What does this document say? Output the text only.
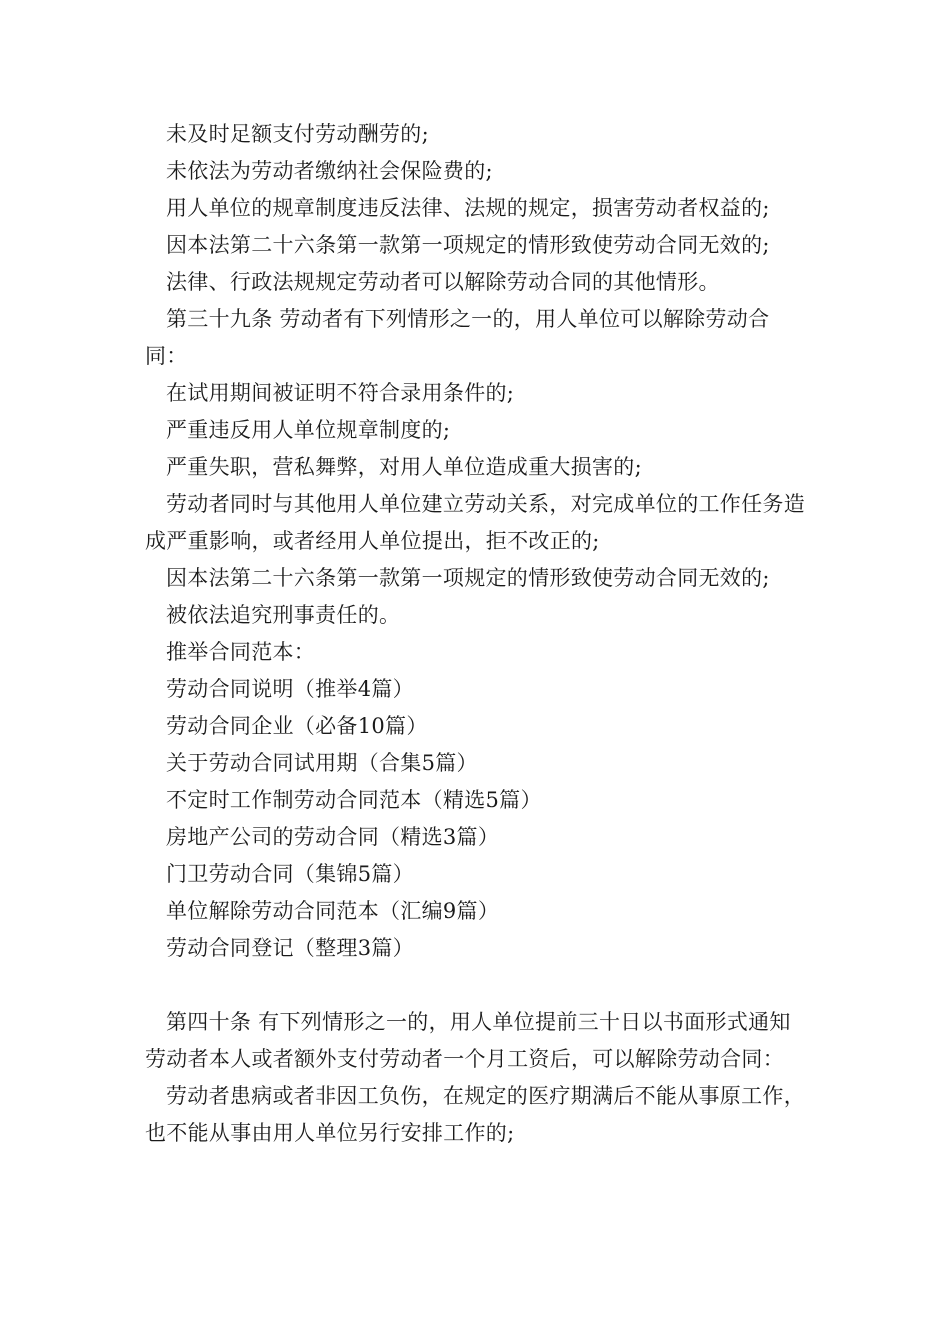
未及时足额支付劳动酬劳的;

未依法为劳动者缴纳社会保险费的;

用人单位的规章制度违反法律、法规的规定，损害劳动者权益的;

因本法第二十六条第一款第一项规定的情形致使劳动合同无效的;

法律、行政法规规定劳动者可以解除劳动合同的其他情形。

第三十九条 劳动者有下列情形之一的，用人单位可以解除劳动合同：

在试用期间被证明不符合录用条件的;

严重违反用人单位规章制度的;

严重失职，营私舞弊，对用人单位造成重大损害的;

劳动者同时与其他用人单位建立劳动关系，对完成单位的工作任务造成严重影响，或者经用人单位提出，拒不改正的;

因本法第二十六条第一款第一项规定的情形致使劳动合同无效的;

被依法追究刑事责任的。

推举合同范本：

劳动合同说明（推举4篇）

劳动合同企业（必备10篇）

关于劳动合同试用期（合集5篇）

不定时工作制劳动合同范本（精选5篇）

房地产公司的劳动合同（精选3篇）

门卫劳动合同（集锦5篇）

单位解除劳动合同范本（汇编9篇）

劳动合同登记（整理3篇）

第四十条 有下列情形之一的，用人单位提前三十日以书面形式通知劳动者本人或者额外支付劳动者一个月工资后，可以解除劳动合同：

劳动者患病或者非因工负伤，在规定的医疗期满后不能从事原工作，也不能从事由用人单位另行安排工作的;
